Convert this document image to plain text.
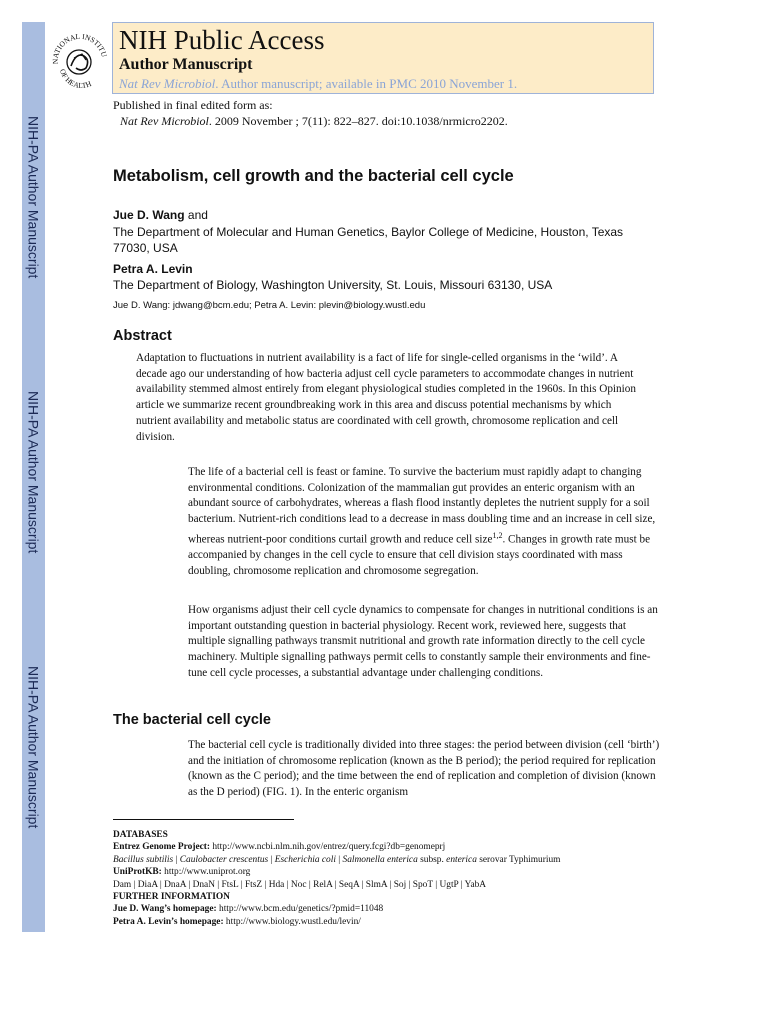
NIH-PA Author Manuscript
NIH-PA Author Manuscript
NIH-PA Author Manuscript
NATIONAL INSTITU
OF HEALTH
NIH Public Access
Author Manuscript
Nat Rev Microbiol. Author manuscript; available in PMC 2010 November 1.
Published in final edited form as:
Nat Rev Microbiol. 2009 November ; 7(11): 822–827. doi:10.1038/nrmicro2202.
Metabolism, cell growth and the bacterial cell cycle
Jue D. Wang and
The Department of Molecular and Human Genetics, Baylor College of Medicine, Houston, Texas 77030, USA
Petra A. Levin
The Department of Biology, Washington University, St. Louis, Missouri 63130, USA
Jue D. Wang: jdwang@bcm.edu; Petra A. Levin: plevin@biology.wustl.edu
Abstract
Adaptation to fluctuations in nutrient availability is a fact of life for single-celled organisms in the ‘wild’. A decade ago our understanding of how bacteria adjust cell cycle parameters to accommodate changes in nutrient availability stemmed almost entirely from elegant physiological studies completed in the 1960s. In this Opinion article we summarize recent groundbreaking work in this area and discuss potential mechanisms by which nutrient availability and metabolic status are coordinated with cell growth, chromosome replication and cell division.
The life of a bacterial cell is feast or famine. To survive the bacterium must rapidly adapt to changing environmental conditions. Colonization of the mammalian gut provides an enteric organism with an abundant source of carbohydrates, whereas a flash flood instantly depletes the nutrient supply for a soil bacterium. Nutrient-rich conditions lead to a decrease in mass doubling time and an increase in cell size, whereas nutrient-poor conditions curtail growth and reduce cell size$^{1,2}$. Changes in growth rate must be accompanied by changes in the cell cycle to ensure that cell division stays coordinated with mass doubling, chromosome replication and chromosome segregation.
How organisms adjust their cell cycle dynamics to compensate for changes in nutritional conditions is an important outstanding question in bacterial physiology. Recent work, reviewed here, suggests that multiple signalling pathways transmit nutritional and growth rate information directly to the cell cycle machinery. Multiple signalling pathways permit cells to constantly sample their environments and fine-tune cell cycle processes, a substantial advantage under challenging conditions.
The bacterial cell cycle
The bacterial cell cycle is traditionally divided into three stages: the period between division (cell ‘birth’) and the initiation of chromosome replication (known as the B period); the period required for replication (known as the C period); and the time between the end of replication and completion of division (known as the D period) (FIG. 1). In the enteric organism
DATABASES
Entrez Genome Project: http://www.ncbi.nlm.nih.gov/entrez/query.fcgi?db=genomeprj
Bacillus subtilis | Caulobacter crescentus | Escherichia coli | Salmonella enterica subsp. enterica serovar Typhimurium
UniProtKB: http://www.uniprot.org
Dam | DiaA | DnaA | DnaN | FtsL | FtsZ | Hda | Noc | RelA | SeqA | SlmA | Soj | SpoT | UgtP | YabA
FURTHER INFORMATION
Jue D. Wang’s homepage: http://www.bcm.edu/genetics/?pmid=11048
Petra A. Levin’s homepage: http://www.biology.wustl.edu/levin/
